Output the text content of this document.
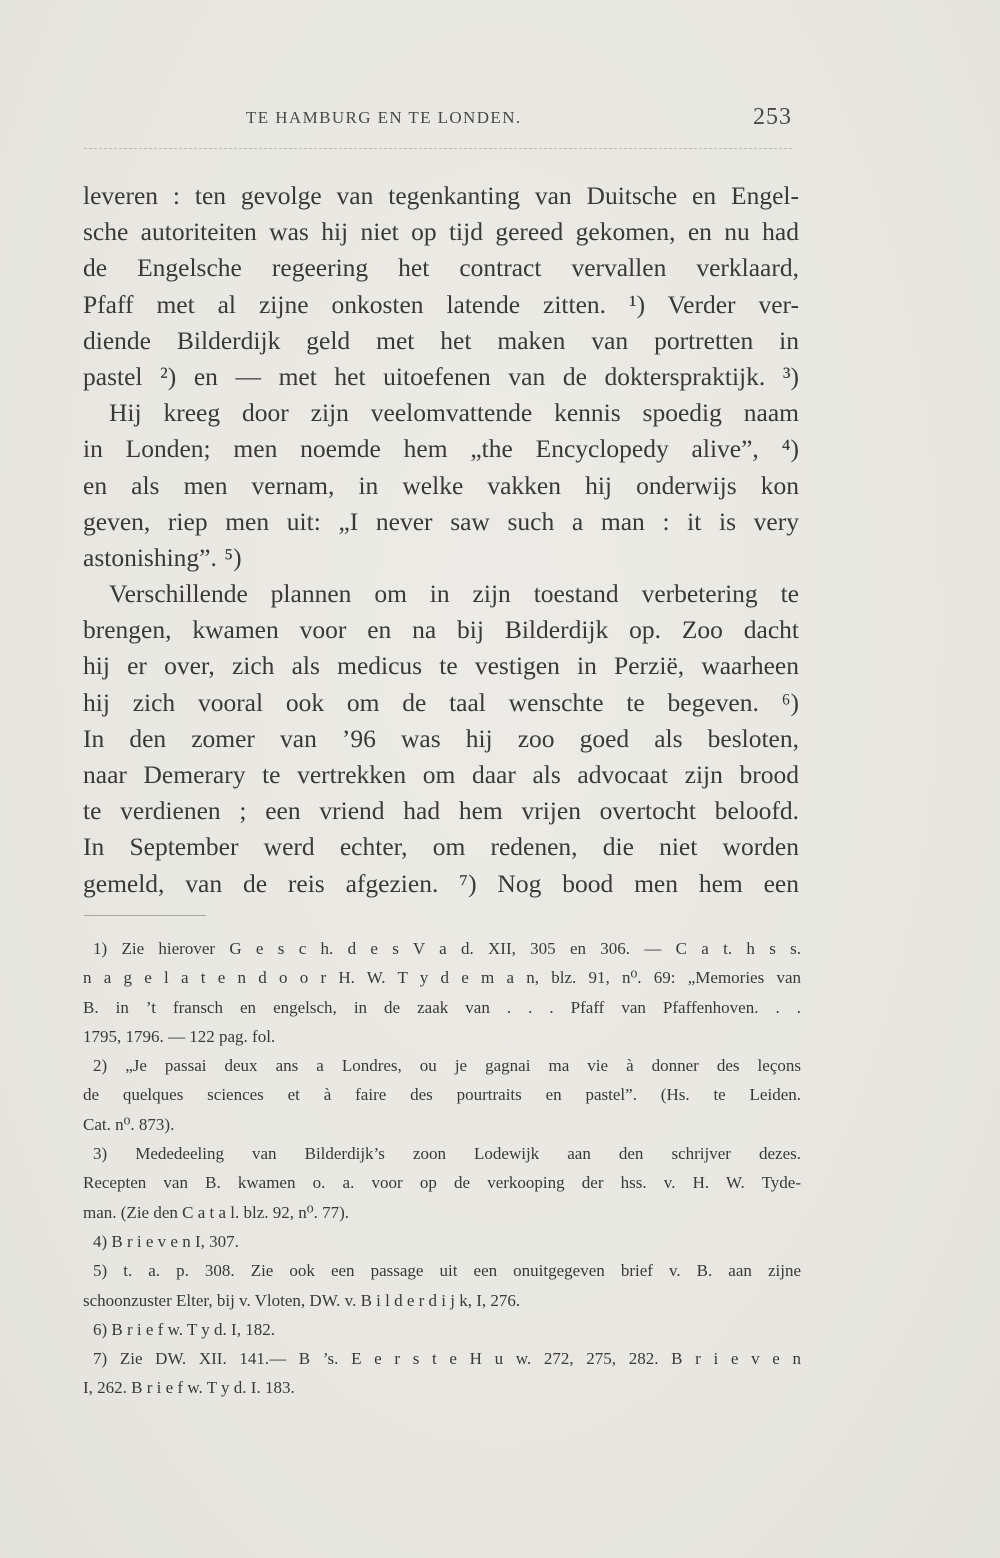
TE HAMBURG EN TE LONDEN.	253
leveren : ten gevolge van tegenkanting van Duitsche en Engel-
sche autoriteiten was hij niet op tijd gereed gekomen, en nu had
de Engelsche regeering het contract vervallen verklaard,
Pfaff met al zijne onkosten latende zitten. ¹) Verder ver-
diende Bilderdijk geld met het maken van portretten in
pastel ²) en — met het uitoefenen van de dokterspraktijk. ³)
Hij kreeg door zijn veelomvattende kennis spoedig naam
in Londen; men noemde hem „the Encyclopedy alive”, ⁴)
en als men vernam, in welke vakken hij onderwijs kon
geven, riep men uit: „I never saw such a man : it is very
astonishing”. ⁵)
Verschillende plannen om in zijn toestand verbetering te
brengen, kwamen voor en na bij Bilderdijk op. Zoo dacht
hij er over, zich als medicus te vestigen in Perzië, waarheen
hij zich vooral ook om de taal wenschte te begeven. ⁶)
In den zomer van ’96 was hij zoo goed als besloten,
naar Demerary te vertrekken om daar als advocaat zijn brood
te verdienen ; een vriend had hem vrijen overtocht beloofd.
In September werd echter, om redenen, die niet worden
gemeld, van de reis afgezien. ⁷) Nog bood men hem een
1) Zie hierover G e s c h. d e s V a d. XII, 305 en 306. — C a t. h s s.
n a g e l a t e n d o o r H. W. T y d e m a n, blz. 91, n⁰. 69: „Memories van
B. in ’t fransch en engelsch, in de zaak van . . . Pfaff van Pfaffenhoven. . .
1795, 1796. — 122 pag. fol.
2) „Je passai deux ans a Londres, ou je gagnai ma vie à donner des leçons
de quelques sciences et à faire des pourtraits en pastel”. (Hs. te Leiden.
Cat. n⁰. 873).
3) Mededeeling van Bilderdijk’s zoon Lodewijk aan den schrijver dezes.
Recepten van B. kwamen o. a. voor op de verkooping der hss. v. H. W. Tyde-
man. (Zie den C a t a l. blz. 92, n⁰. 77).
4) B r i e v e n I, 307.
5) t. a. p. 308. Zie ook een passage uit een onuitgegeven brief v. B. aan zijne
schoonzuster Elter, bij v. Vloten, DW. v. B i l d e r d i j k, I, 276.
6) B r i e f w. T y d. I, 182.
7) Zie DW. XII. 141.— B ’s. E e r s t e H u w. 272, 275, 282. B r i e v e n
I, 262. B r i e f w. T y d. I. 183.
